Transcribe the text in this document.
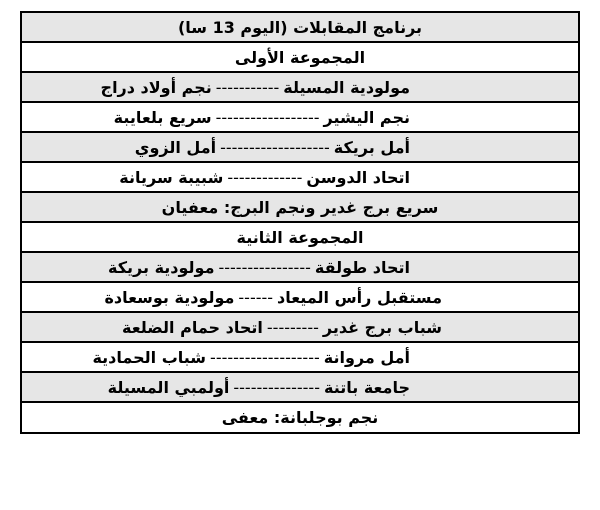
برنامج المقابلات (اليوم 13 سا)
المجموعة الأولى
مولودية المسيلة-----------نجم أولاد دراج
نجم اليشير------------------سريع بلعايبة
أمل بريكة-------------------أمل الزوي
اتحاد الدوسن-------------شبيبة سريانة
سريع برج غدير ونجم البرج: معفيان
المجموعة الثانية
اتحاد طولقة----------------مولودية بريكة
مستقبل رأس الميعاد------مولودية بوسعادة
شباب برج غدير---------اتحاد حمام الضلعة
أمل مروانة-------------------شباب الحمادية
جامعة باتنة---------------أولمبي المسيلة
نجم بوجلبانة: معفى
